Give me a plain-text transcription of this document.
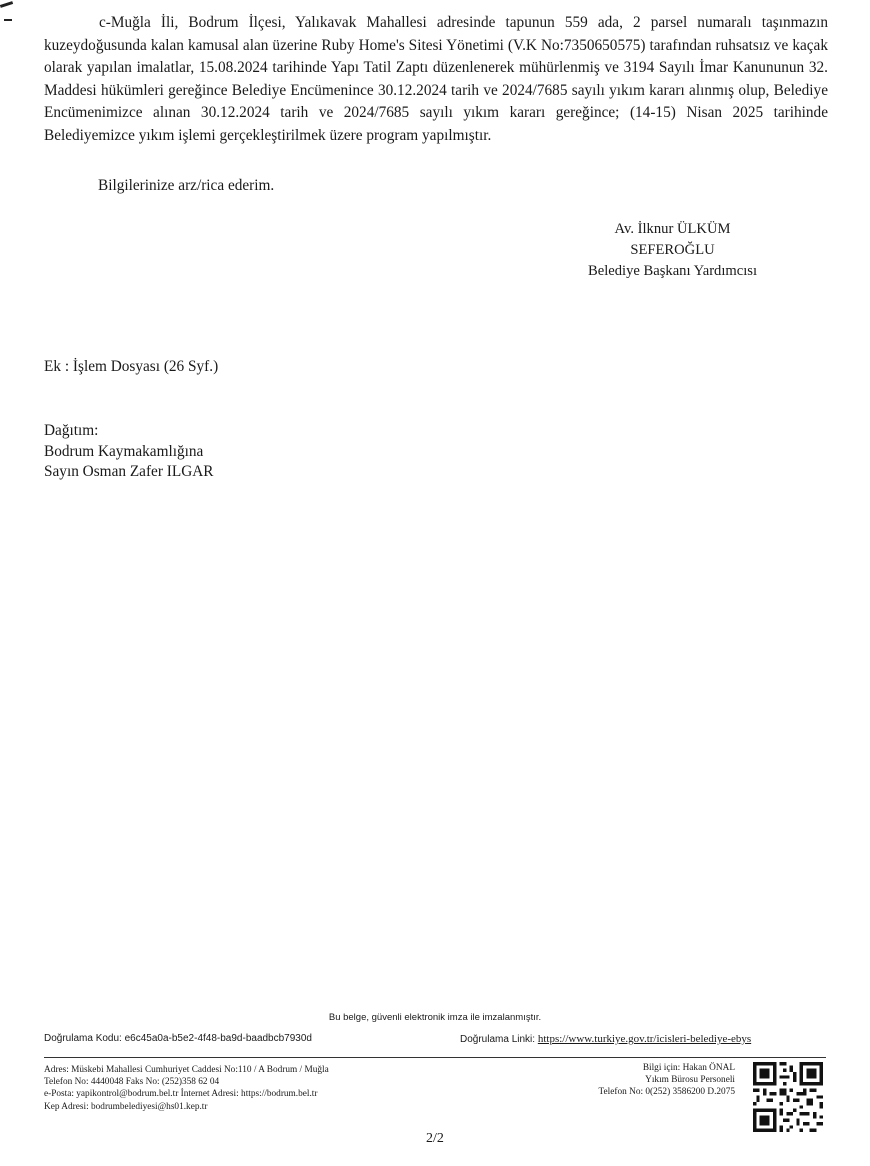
c-Muğla İli, Bodrum İlçesi, Yalıkavak Mahallesi adresinde tapunun 559 ada, 2 parsel numaralı taşınmazın kuzeydoğusunda kalan kamusal alan üzerine Ruby Home's Sitesi Yönetimi (V.K No:7350650575) tarafından ruhsatsız ve kaçak olarak yapılan imalatlar, 15.08.2024 tarihinde Yapı Tatil Zaptı düzenlenerek mühürlenmiş ve 3194 Sayılı İmar Kanununun 32. Maddesi hükümleri gereğince Belediye Encümenince 30.12.2024 tarih ve 2024/7685 sayılı yıkım kararı alınmış olup, Belediye Encümenimizce alınan 30.12.2024 tarih ve 2024/7685 sayılı yıkım kararı gereğince; (14-15) Nisan 2025 tarihinde Belediyemizce yıkım işlemi gerçekleştirilmek üzere program yapılmıştır.

Bilgilerinize arz/rica ederim.

Av. İlknur ÜLKÜM
SEFEROĞLU
Belediye Başkanı Yardımcısı

Ek : İşlem Dosyası (26 Syf.)

Dağıtım:
Bodrum Kaymakamlığına
Sayın Osman Zafer ILGAR
Bu belge, güvenli elektronik imza ile imzalanmıştır.
Doğrulama Kodu: e6c45a0a-b5e2-4f48-ba9d-baadbcb7930d	Doğrulama Linki: https://www.turkiye.gov.tr/icisleri-belediye-ebys
Adres: Müskebi Mahallesi Cumhuriyet Caddesi No:110 / A Bodrum / Muğla
Telefon No: 4440048 Faks No: (252)358 62 04
e-Posta: yapikontrol@bodrum.bel.tr İnternet Adresi: https://bodrum.bel.tr
Kep Adresi: bodrumbelediyesi@hs01.kep.tr
Bilgi için: Hakan ÖNAL
Yıkım Bürosu Personeli
Telefon No: 0(252) 3586200 D.2075
2/2
